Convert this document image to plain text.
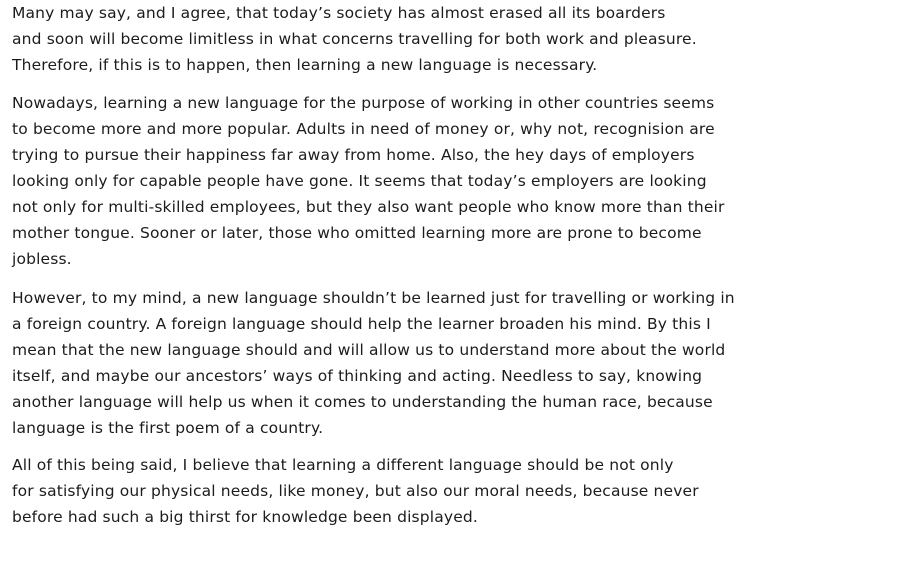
Many may say, and I agree, that today’s society has almost erased all its boarders
and soon will become limitless in what concerns travelling for both work and pleasure.
Therefore, if this is to happen, then learning a new language is necessary.
Nowadays, learning a new language for the purpose of working in other countries seems
to become more and more popular. Adults in need of money or, why not, recognision are
trying to pursue their happiness far away from home. Also, the hey days of employers
looking only for capable people have gone. It seems that today’s employers are looking
not only for multi-skilled employees, but they also want people who know more than their
mother tongue. Sooner or later, those who omitted learning more are prone to become
jobless.
However, to my mind, a new language shouldn’t be learned just for travelling or working in
a foreign country. A foreign language should help the learner broaden his mind. By this I
mean that the new language should and will allow us to understand more about the world
itself, and maybe our ancestors’ ways of thinking and acting. Needless to say, knowing
another language will help us when it comes to understanding the human race, because
language is the first poem of a country.
All of this being said, I believe that learning a different language should be not only
for satisfying our physical needs, like money, but also our moral needs, because never
before had such a big thirst for knowledge been displayed.
